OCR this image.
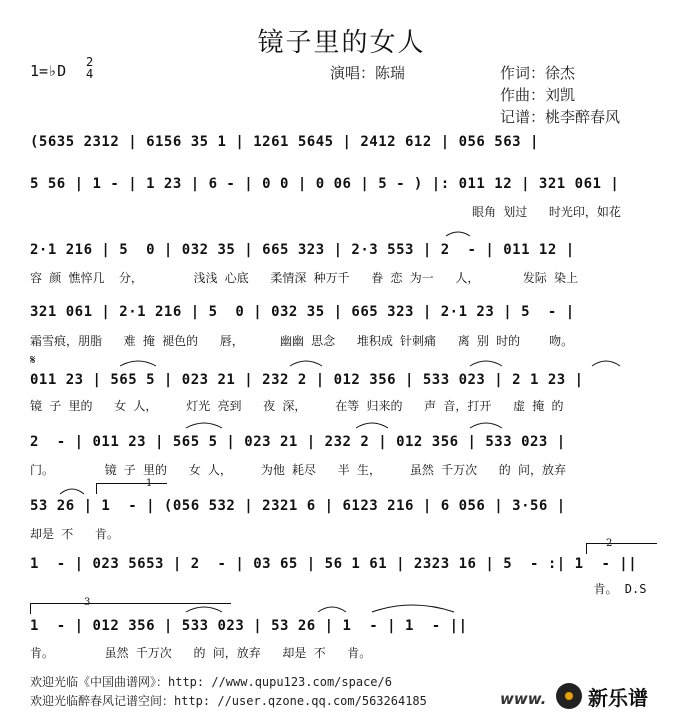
镜子里的女人
1=♭D 2
4	演唱：陈瑞	作词：徐杰
作曲：刘凯
记谱：桃李醉春风
(5635 2312 | 6156 35 1 | 1261 5645 | 2412 612 | 056 563 |
5 56 | 1 - | 1 23 | 6 - | 0 0 | 0 06 | 5 - ) |: 011 12 | 321 061 |
眼角 划过   时光印，如花
2·1 216 | 5  0 | 032 35 | 665 323 | 2·3 553 | 2  - | 011 12 |
容 颜 憔悴几  分，       浅浅 心底   柔情深 种万千   眷 恋 为一   人，      发际 染上
321 061 | 2·1 216 | 5  0 | 032 35 | 665 323 | 2·1 23 | 5  - |
霜雪痕，朋脂   难 掩 褪色的   唇，     幽幽 思念   堆积成 针刺痛   离 别 时的    吻。
𝄋
011 23 | 565 5 | 023 21 | 232 2 | 012 356 | 533 023 | 2 1 23 |
镜 子 里的   女 人，    灯光 亮到   夜 深，    在等 归来的   声 音，打开   虚 掩 的
2  - | 011 23 | 565 5 | 023 21 | 232 2 | 012 356 | 533 023 |
门。       镜 子 里的   女 人，    为他 耗尽   半 生，    虽然 千万次   的 问，放弃
1
53 26 | 1  - | (056 532 | 2321 6 | 6123 216 | 6 056 | 3·56 |
却是 不   肯。
2
1  - | 023 5653 | 2  - | 03 65 | 56 1 61 | 2323 16 | 5  - :| 1  - ||
肯。 D.S
3
1  - | 012 356 | 533 023 | 53 26 | 1  - | 1  - ||
肯。       虽然 千万次   的 问，放弃   却是 不   肯。
欢迎光临《中国曲谱网》：http: //www.qupu123.com/space/6
欢迎光临醉春风记谱空间：http: //user.qzone.qq.com/563264185	www. 新乐谱
